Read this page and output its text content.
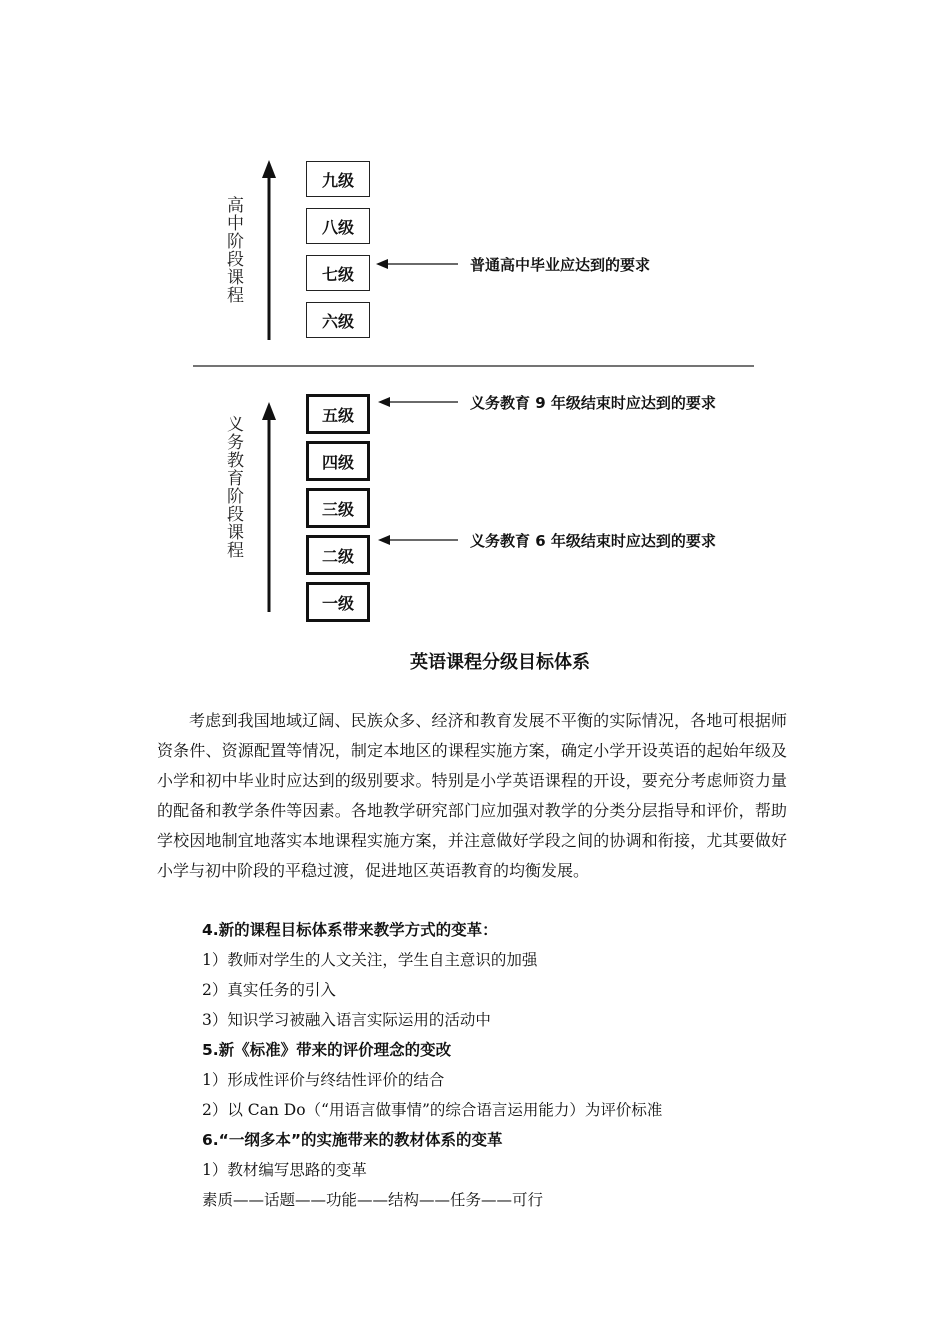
高中阶段课程
义务教育阶段课程
九级
八级
七级
六级
五级
四级
三级
二级
一级
普通高中毕业应达到的要求
义务教育 9 年级结束时应达到的要求
义务教育 6 年级结束时应达到的要求
英语课程分级目标体系
考虑到我国地域辽阔、民族众多、经济和教育发展不平衡的实际情况，各地可根据师资条件、资源配置等情况，制定本地区的课程实施方案，确定小学开设英语的起始年级及小学和初中毕业时应达到的级别要求。特别是小学英语课程的开设，要充分考虑师资力量的配备和教学条件等因素。各地教学研究部门应加强对教学的分类分层指导和评价，帮助学校因地制宜地落实本地课程实施方案，并注意做好学段之间的协调和衔接，尤其要做好小学与初中阶段的平稳过渡，促进地区英语教育的均衡发展。
4.新的课程目标体系带来教学方式的变革：
1）教师对学生的人文关注，学生自主意识的加强
2）真实任务的引入
3）知识学习被融入语言实际运用的活动中
5.新《标准》带来的评价理念的变改
1）形成性评价与终结性评价的结合
2）以 Can Do（“用语言做事情”的综合语言运用能力）为评价标准
6.“一纲多本”的实施带来的教材体系的变革
1）教材编写思路的变革
素质——话题——功能——结构——任务——可行
